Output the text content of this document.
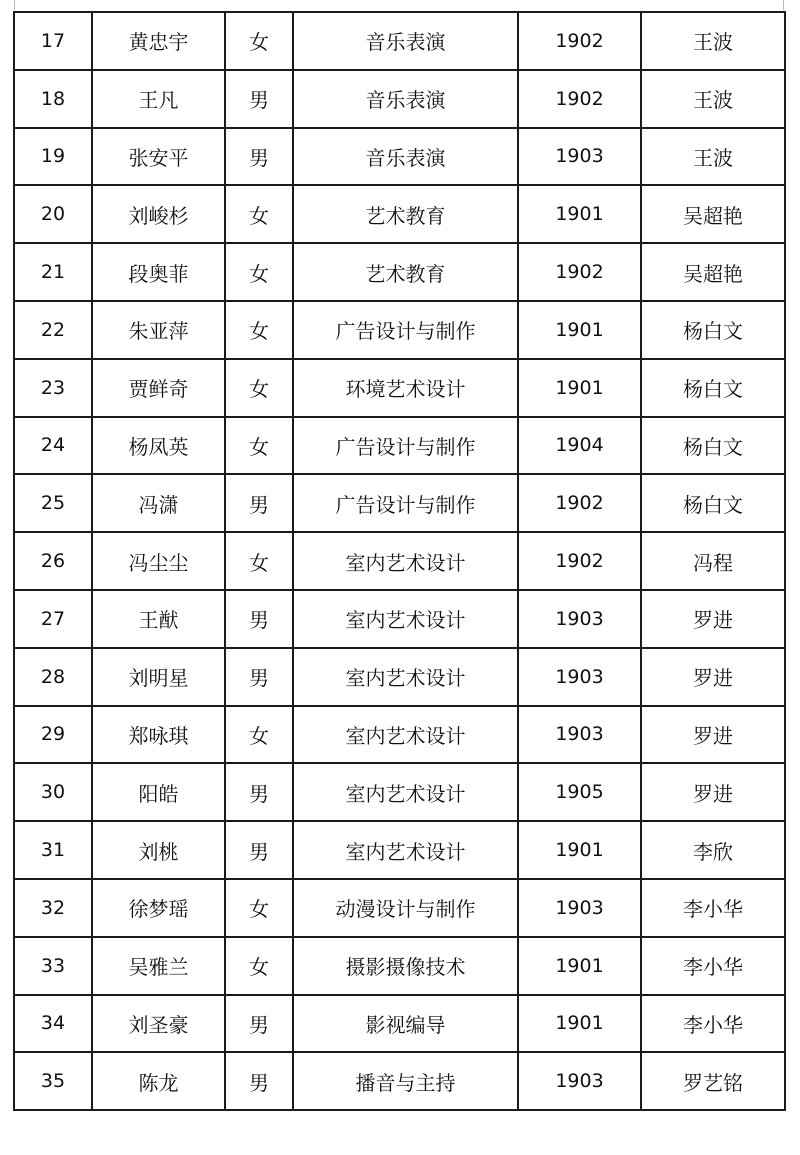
17	黄忠宇	女	音乐表演	1902	王波
18	王凡	男	音乐表演	1902	王波
19	张安平	男	音乐表演	1903	王波
20	刘峻杉	女	艺术教育	1901	吴超艳
21	段奥菲	女	艺术教育	1902	吴超艳
22	朱亚萍	女	广告设计与制作	1901	杨白文
23	贾鲜奇	女	环境艺术设计	1901	杨白文
24	杨凤英	女	广告设计与制作	1904	杨白文
25	冯潇	男	广告设计与制作	1902	杨白文
26	冯尘尘	女	室内艺术设计	1902	冯程
27	王猷	男	室内艺术设计	1903	罗进
28	刘明星	男	室内艺术设计	1903	罗进
29	郑咏琪	女	室内艺术设计	1903	罗进
30	阳皓	男	室内艺术设计	1905	罗进
31	刘桃	男	室内艺术设计	1901	李欣
32	徐梦瑶	女	动漫设计与制作	1903	李小华
33	吴雅兰	女	摄影摄像技术	1901	李小华
34	刘圣豪	男	影视编导	1901	李小华
35	陈龙	男	播音与主持	1903	罗艺铭
